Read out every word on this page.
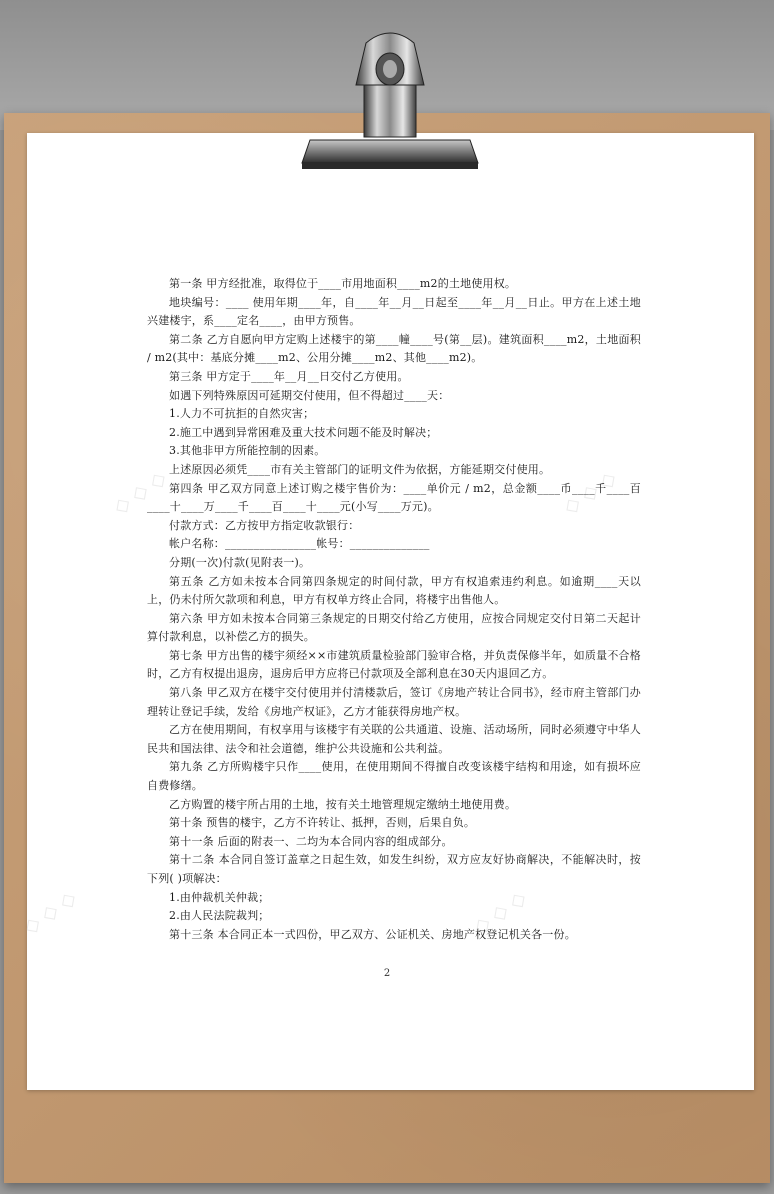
◇ ◇ ◇	◇ ◇ ◇
◇ ◇ ◇	◇ ◇ ◇

第一条 甲方经批准，取得位于____市用地面积____m2的土地使用权。

地块编号：____ 使用年期____年，自____年__月__日起至____年__月__日止。甲方在上述土地兴建楼宇，系____定名____，由甲方预售。

第二条 乙方自愿向甲方定购上述楼宇的第____幢____号(第__层)。建筑面积____m2，土地面积 / m2(其中：基底分摊____m2、公用分摊____m2、其他____m2)。

第三条 甲方定于____年__月__日交付乙方使用。

如遇下列特殊原因可延期交付使用，但不得超过____天：

1.人力不可抗拒的自然灾害；

2.施工中遇到异常困难及重大技术问题不能及时解决；

3.其他非甲方所能控制的因素。

上述原因必须凭____市有关主管部门的证明文件为依据，方能延期交付使用。

第四条 甲乙双方同意上述订购之楼宇售价为：____单价元 / m2，总金额____币____千____百____十____万____千____百____十____元(小写____万元)。

付款方式：乙方按甲方指定收款银行：

帐户名称：________________帐号：______________

分期(一次)付款(见附表一)。

第五条 乙方如未按本合同第四条规定的时间付款，甲方有权追索违约利息。如逾期____天以上，仍未付所欠款项和利息，甲方有权单方终止合同，将楼宇出售他人。

第六条 甲方如未按本合同第三条规定的日期交付给乙方使用，应按合同规定交付日第二天起计算付款利息，以补偿乙方的损失。

第七条 甲方出售的楼宇须经××市建筑质量检验部门验审合格，并负责保修半年，如质量不合格时，乙方有权提出退房，退房后甲方应将已付款项及全部利息在30天内退回乙方。

第八条 甲乙双方在楼宇交付使用并付清楼款后，签订《房地产转让合同书》，经市府主管部门办理转让登记手续，发给《房地产权证》，乙方才能获得房地产权。

乙方在使用期间，有权享用与该楼宇有关联的公共通道、设施、活动场所，同时必须遵守中华人民共和国法律、法令和社会道德，维护公共设施和公共利益。

第九条 乙方所购楼宇只作____使用，在使用期间不得擅自改变该楼宇结构和用途，如有损坏应自费修缮。

乙方购置的楼宇所占用的土地，按有关土地管理规定缴纳土地使用费。

第十条 预售的楼宇，乙方不许转让、抵押，否则，后果自负。

第十一条 后面的附表一、二均为本合同内容的组成部分。

第十二条 本合同自签订盖章之日起生效，如发生纠纷，双方应友好协商解决，不能解决时，按下列( )项解决：

1.由仲裁机关仲裁；

2.由人民法院裁判；

第十三条 本合同正本一式四份，甲乙双方、公证机关、房地产权登记机关各一份。

2
